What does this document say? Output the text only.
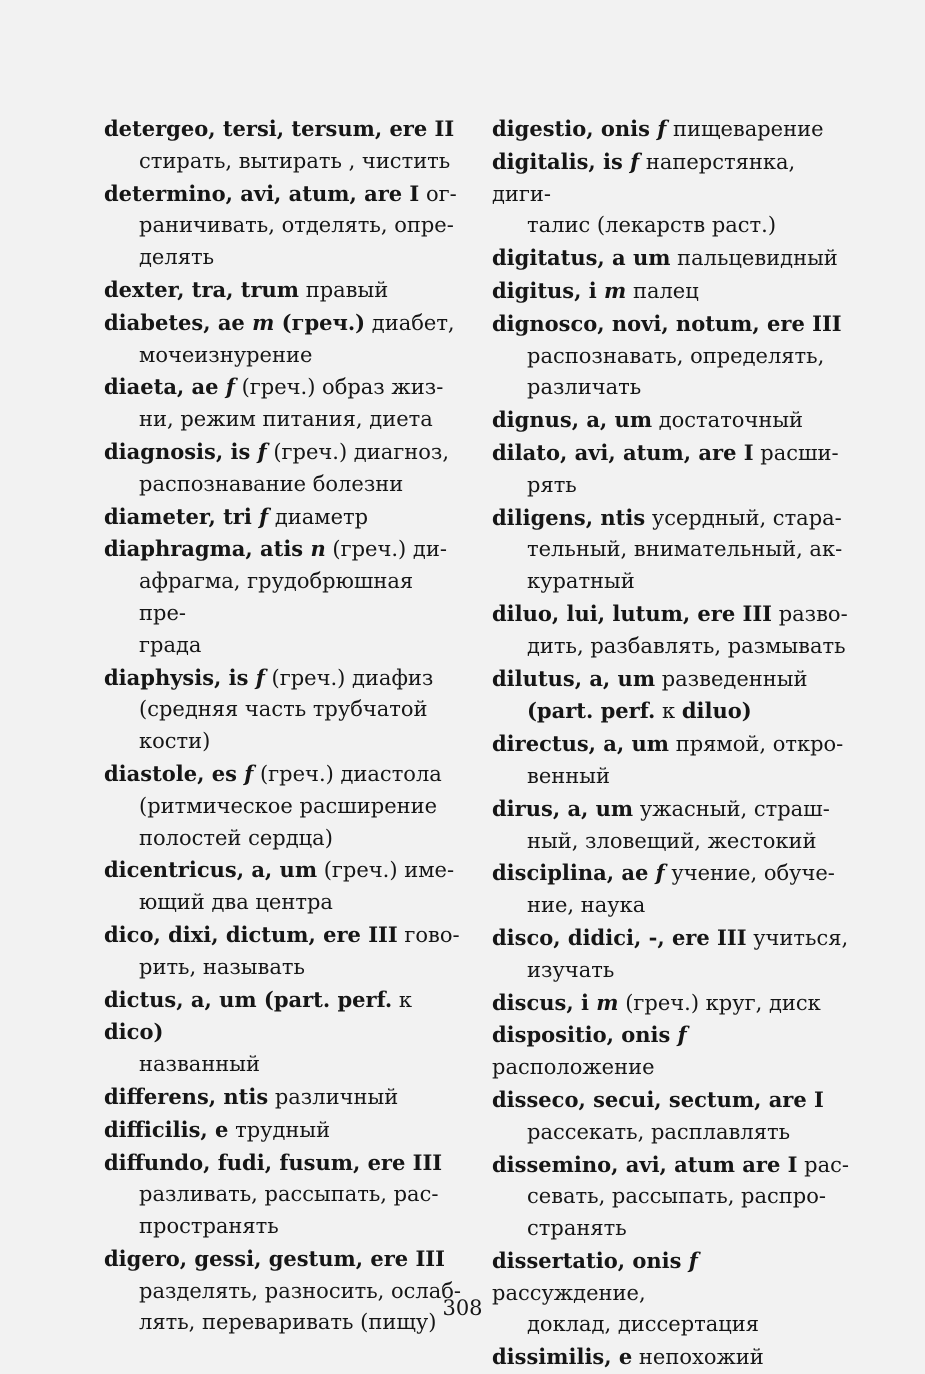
detergeo, tersi, tersum, ere II
стирать, вытирать , чистить
determino, avi, atum, are I ог-
раничивать, отделять, опре-
делять
dexter, tra, trum правый
diabetes, ae m (греч.) диабет,
мочеизнурение
diaeta, ae f (греч.) образ жиз-
ни, режим питания, диета
diagnosis, is f (греч.) диагноз,
распознавание болезни
diameter, tri f диаметр
diaphragma, atis n (греч.) ди-
афрагма, грудобрюшная пре-
града
diaphysis, is f (греч.) диафиз
(средняя часть трубчатой
кости)
diastole, es f (греч.) диастола
(ритмическое расширение
полостей сердца)
dicentricus, a, um (греч.) име-
ющий два центра
dico, dixi, dictum, ere III гово-
рить, называть
dictus, a, um (part. perf. к dico)
названный
differens, ntis различный
difficilis, e трудный
diffundo, fudi, fusum, ere III
разливать, рассыпать, рас-
пространять
digero, gessi, gestum, ere III
разделять, разносить, ослаб-
лять, переваривать (пищу)
digestio, onis f пищеварение
digitalis, is f наперстянка, диги-
талис (лекарств раст.)
digitatus, a um пальцевидный
digitus, i m палец
dignosco, novi, notum, ere III
распознавать, определять,
различать
dignus, a, um достаточный
dilato, avi, atum, are I расши-
рять
diligens, ntis усердный, стара-
тельный, внимательный, ак-
куратный
diluo, lui, lutum, ere III разво-
дить, разбавлять, размывать
dilutus, a, um разведенный
(part. perf. к diluo)
directus, a, um прямой, откро-
венный
dirus, a, um ужасный, страш-
ный, зловещий, жестокий
disciplina, ae f учение, обуче-
ние, наука
disco, didici, -, ere III учиться,
изучать
discus, i m (греч.) круг, диск
dispositio, onis f расположение
disseco, secui, sectum, are I
рассекать, расплавлять
dissemino, avi, atum are I рас-
севать, рассыпать, распро-
странять
dissertatio, onis f рассуждение,
доклад, диссертация
dissimilis, e непохожий
308
